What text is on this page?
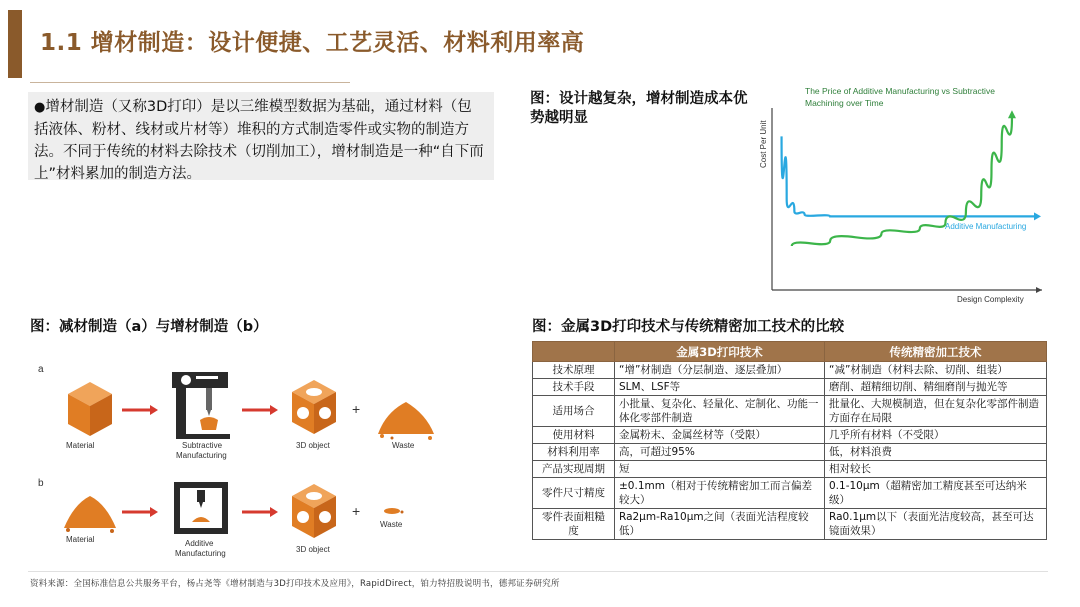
1.1 增材制造：设计便捷、工艺灵活、材料利用率高
●增材制造（又称3D打印）是以三维模型数据为基础，通过材料（包括液体、粉材、线材或片材等）堆积的方式制造零件或实物的制造方法。不同于传统的材料去除技术（切削加工），增材制造是一种“自下而上”材料累加的制造方法。
图：设计越复杂，增材制造成本优势越明显
图：减材制造（a）与增材制造（b）	图：金属3D打印技术与传统精密加工技术的比较
The Price of Additive Manufacturing vs Subtractive
Machining over Time
Cost Per Unit
Design Complexity
Additive Manufacturing
a
Material	Subtractive
Manufacturing
3D object
+
Waste
b
Material	Additive
Manufacturing	3D object
+
Waste
	金属3D打印技术	传统精密加工技术
技术原理	“增”材制造（分层制造、逐层叠加）	“减”材制造（材料去除、切削、组装）
技术手段	SLM、LSF等	磨削、超精细切削、精细磨削与抛光等
适用场合	小批量、复杂化、轻量化、定制化、功能一体化零部件制造	批量化、大规模制造，但在复杂化零部件制造方面存在局限
使用材料	金属粉末、金属丝材等（受限）	几乎所有材料（不受限）
材料利用率	高，可超过95%	低，材料浪费
产品实现周期	短	相对较长
零件尺寸精度	±0.1mm（相对于传统精密加工而言偏差较大）	0.1-10μm（超精密加工精度甚至可达纳米级）
零件表面粗糙度	Ra2μm-Ra10μm之间（表面光洁程度较低）	Ra0.1μm以下（表面光洁度较高，甚至可达镜面效果）
资料来源：全国标准信息公共服务平台，杨占尧等《增材制造与3D打印技术及应用》，RapidDirect，铂力特招股说明书，德邦证券研究所
